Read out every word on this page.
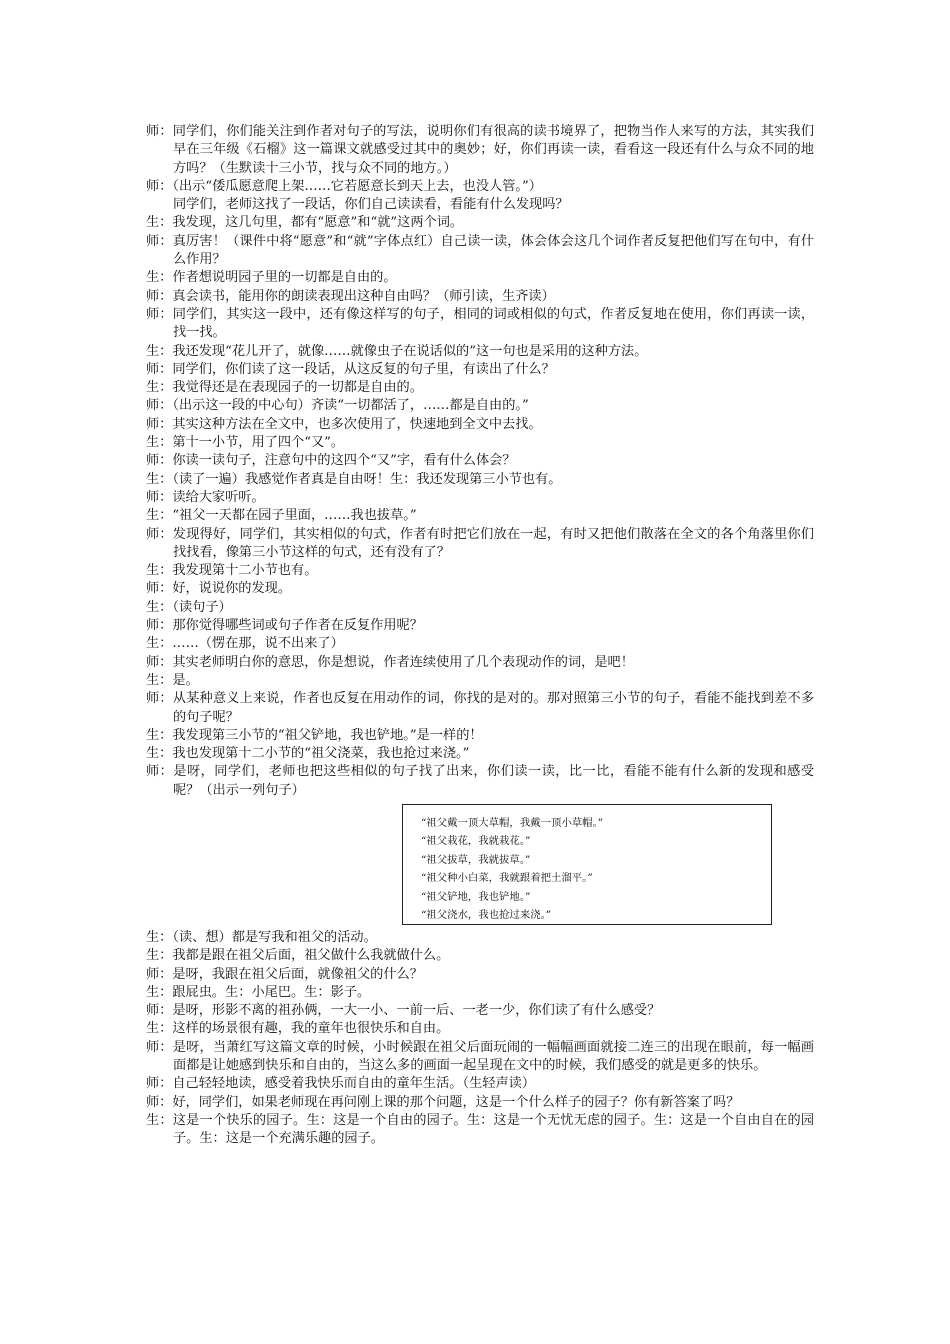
师：同学们，你们能关注到作者对句子的写法，说明你们有很高的读书境界了，把物当作人来写的方法，其实我们早在三年级《石榴》这一篇课文就感受过其中的奥妙；好，你们再读一读，看看这一段还有什么与众不同的地方吗？（生默读十三小节，找与众不同的地方。）
师：（出示“倭瓜愿意爬上架……它若愿意长到天上去，也没人管。”）
同学们，老师这找了一段话，你们自己读读看，看能有什么发现吗？
生：我发现，这几句里，都有“愿意”和“就”这两个词。
师：真厉害！（课件中将“愿意”和“就”字体点红）自己读一读，体会体会这几个词作者反复把他们写在句中，有什么作用？
生：作者想说明园子里的一切都是自由的。
师：真会读书，能用你的朗读表现出这种自由吗？（师引读，生齐读）
师：同学们，其实这一段中，还有像这样写的句子，相同的词或相似的句式，作者反复地在使用，你们再读一读，找一找。
生：我还发现“花儿开了，就像……就像虫子在说话似的”这一句也是采用的这种方法。
师：同学们，你们读了这一段话，从这反复的句子里，有读出了什么？
生：我觉得还是在表现园子的一切都是自由的。
师：（出示这一段的中心句）齐读“一切都活了，……都是自由的。”
师：其实这种方法在全文中，也多次使用了，快速地到全文中去找。
生：第十一小节，用了四个“又”。
师：你读一读句子，注意句中的这四个“又”字，看有什么体会？
生：（读了一遍）我感觉作者真是自由呀！生：我还发现第三小节也有。
师：读给大家听听。
生：“祖父一天都在园子里面，……我也拔草。”
师：发现得好，同学们，其实相似的句式，作者有时把它们放在一起，有时又把他们散落在全文的各个角落里你们找找看，像第三小节这样的句式，还有没有了？
生：我发现第十二小节也有。
师：好，说说你的发现。
生：（读句子）
师：那你觉得哪些词或句子作者在反复作用呢？
生：……（愣在那，说不出来了）
师：其实老师明白你的意思，你是想说，作者连续使用了几个表现动作的词，是吧！
生：是。
师：从某种意义上来说，作者也反复在用动作的词，你找的是对的。那对照第三小节的句子，看能不能找到差不多的句子呢？
生：我发现第三小节的“祖父铲地，我也铲地。”是一样的！
生：我也发现第十二小节的“祖父浇菜，我也抢过来浇。”
师：是呀，同学们，老师也把这些相似的句子找了出来，你们读一读，比一比，看能不能有什么新的发现和感受呢？（出示一列句子）
“祖父戴一顶大草帽，我戴一顶小草帽。”
“祖父栽花，我就栽花。”
“祖父拔草，我就拔草。”
“祖父种小白菜，我就跟着把土溜平。”
“祖父铲地，我也铲地。”
“祖父浇水，我也抢过来浇。”
生：（读、想）都是写我和祖父的活动。
生：我都是跟在祖父后面，祖父做什么我就做什么。
师：是呀，我跟在祖父后面，就像祖父的什么？
生：跟屁虫。生：小尾巴。生：影子。
师：是呀，形影不离的祖孙俩，一大一小、一前一后、一老一少，你们读了有什么感受？
生：这样的场景很有趣，我的童年也很快乐和自由。
师：是呀，当萧红写这篇文章的时候，小时候跟在祖父后面玩闹的一幅幅画面就接二连三的出现在眼前，每一幅画面都是让她感到快乐和自由的，当这么多的画面一起呈现在文中的时候，我们感受的就是更多的快乐。
师：自己轻轻地读，感受着我快乐而自由的童年生活。（生轻声读）
师：好，同学们，如果老师现在再问刚上课的那个问题，这是一个什么样子的园子？你有新答案了吗？
生：这是一个快乐的园子。生：这是一个自由的园子。生：这是一个无忧无虑的园子。生：这是一个自由自在的园子。生：这是一个充满乐趣的园子。
